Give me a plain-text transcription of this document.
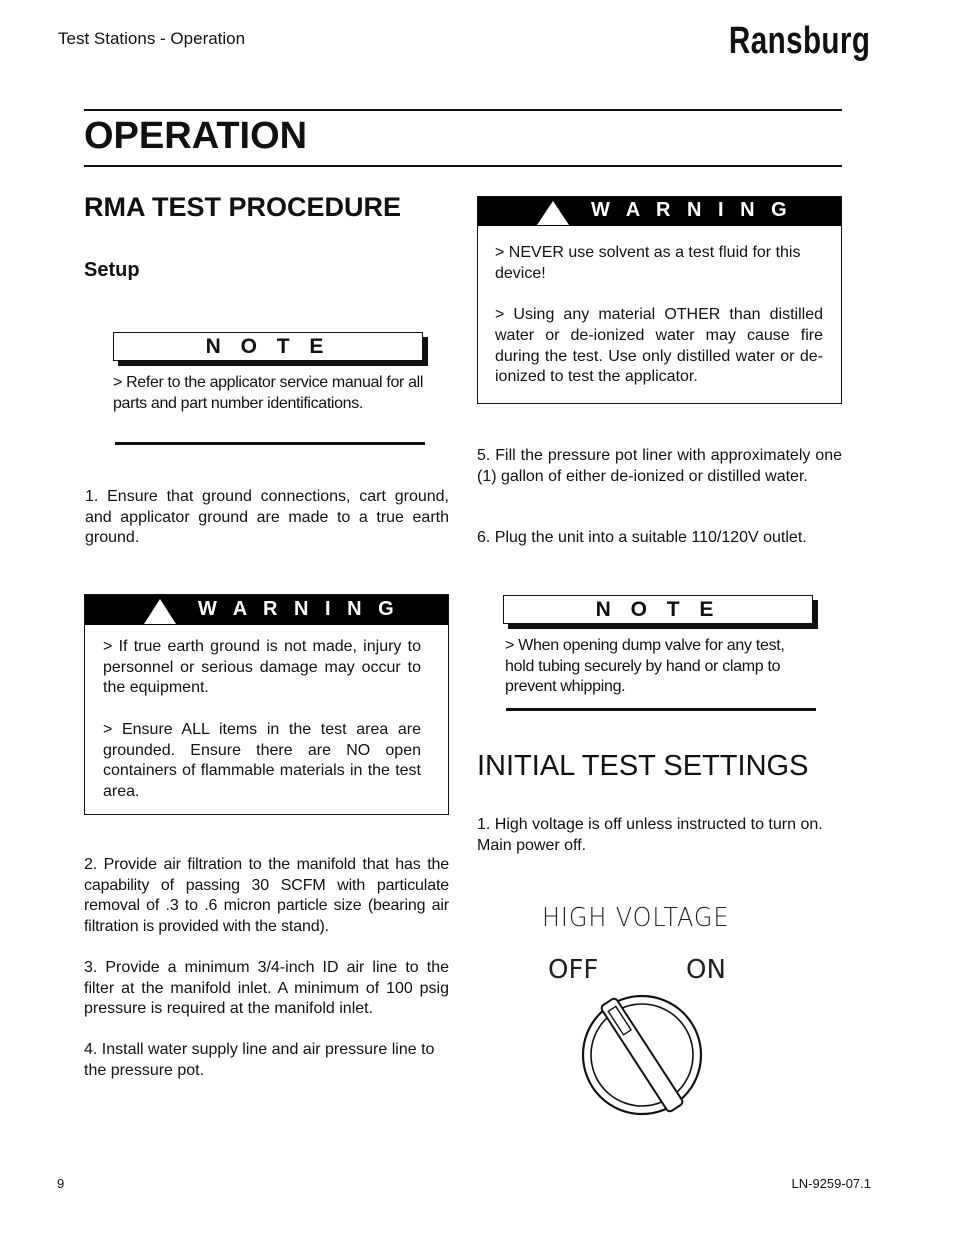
Test Stations - Operation	Ransburg
OPERATION
RMA TEST PROCEDURE
Setup
N O T E
> Refer to the applicator service manual for all parts and part number identifications.

1. Ensure that ground connections, cart ground, and applicator ground are made to a true earth ground.

W A R N I N G

> If true earth ground is not made, injury to personnel or serious damage may occur to the equipment.

> Ensure ALL items in the test area are grounded. Ensure there are NO open containers of flammable materials in the test area.

2. Provide air filtration to the manifold that has the capability of passing 30 SCFM with particulate removal of .3 to .6 micron particle size (bearing air filtration is provided with the stand).

3. Provide a minimum 3/4-inch ID air line to the filter at the manifold inlet. A minimum of 100 psig pressure is required at the manifold inlet.

4. Install water supply line and air pressure line to the pressure pot.

W A R N I N G

> NEVER use solvent as a test fluid for this device!

> Using any material OTHER than distilled water or de-ionized water may cause fire during the test. Use only distilled water or de-ionized to test the applicator.

5. Fill the pressure pot liner with approximately one (1) gallon of either de-ionized or distilled water.

6. Plug the unit into a suitable 110/120V outlet.

N O T E
> When opening dump valve for any test, hold tubing securely by hand or clamp to prevent whipping.
INITIAL TEST SETTINGS

1. High voltage is off unless instructed to turn on. Main power off.

HIGH VOLTAGE
OFF	ON
9	LN-9259-07.1
